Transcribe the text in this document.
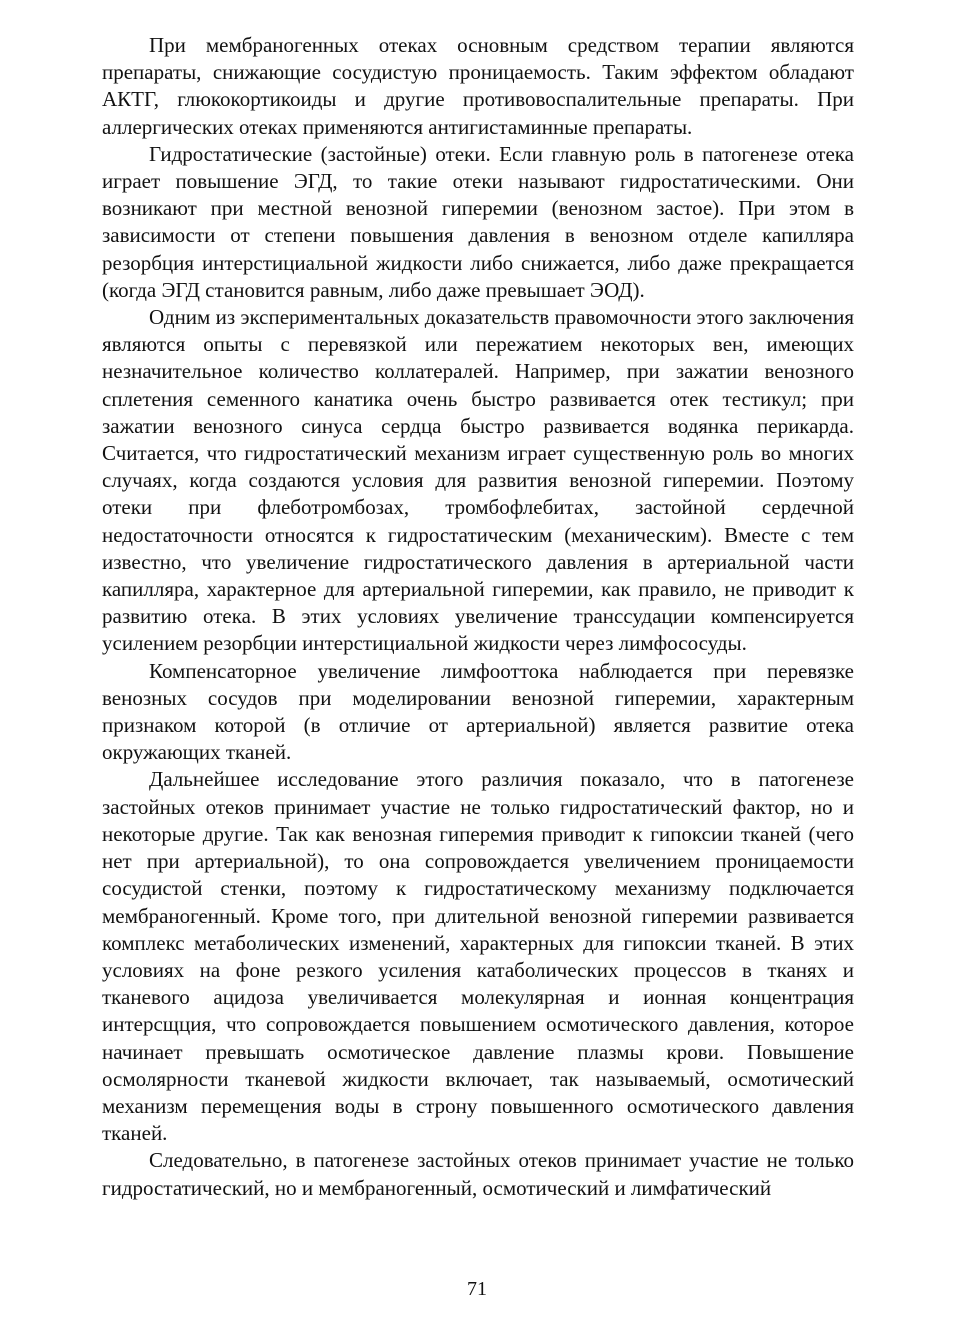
При мембраногенных отеках основным средством терапии являются препараты, снижающие сосудистую проницаемость. Таким эффектом обладают АКТГ, глюкокортикоиды и другие противовоспалительные препараты. При аллергических отеках применяются антигистаминные препараты.

Гидростатические (застойные) отеки. Если главную роль в патогенезе отека играет повышение ЭГД, то такие отеки называют гидростатическими. Они возникают при местной венозной гиперемии (венозном застое). При этом в зависимости от степени повышения давления в венозном отделе капилляра резорбция интерстициальной жидкости либо снижается, либо даже прекращается (когда ЭГД становится равным, либо даже превышает ЭОД).

Одним из экспериментальных доказательств правомочности этого заключения являются опыты с перевязкой или пережатием некоторых вен, имеющих незначительное количество коллатералей. Например, при зажатии венозного сплетения семенного канатика очень быстро развивается отек тестикул; при зажатии венозного синуса сердца быстро развивается водянка перикарда. Считается, что гидростатический механизм играет существенную роль во многих случаях, когда создаются условия для развития венозной гиперемии. Поэтому отеки при флеботромбозах, тромбофлебитах, застойной сердечной недостаточности относятся к гидростатическим (механическим). Вместе с тем известно, что увеличение гидростатического давления в артериальной части капилляра, характерное для артериальной гиперемии, как правило, не приводит к развитию отека. В этих условиях увеличение транссудации компенсируется усилением резорбции интерстициальной жидкости через лимфососуды.

Компенсаторное увеличение лимфооттока наблюдается при перевязке венозных сосудов при моделировании венозной гиперемии, характерным признаком которой (в отличие от артериальной) является развитие отека окружающих тканей.

Дальнейшее исследование этого различия показало, что в патогенезе застойных отеков принимает участие не только гидростатический фактор, но и некоторые другие. Так как венозная гиперемия приводит к гипоксии тканей (чего нет при артериальной), то она сопровождается увеличением проницаемости сосудистой стенки, поэтому к гидростатическому механизму подключается мембраногенный. Кроме того, при длительной венозной гиперемии развивается комплекс метаболических изменений, характерных для гипоксии тканей. В этих условиях на фоне резкого усиления катаболических процессов в тканях и тканевого ацидоза увеличивается молекулярная и ионная концентрация интерсщция, что сопровождается повышением осмотического давления, которое начинает превышать осмотическое давление плазмы крови. Повышение осмолярности тканевой жидкости включает, так называемый, осмотический механизм перемещения воды в строну повышенного осмотического давления тканей.

Следовательно, в патогенезе застойных отеков принимает участие не только гидростатический, но и мембраногенный, осмотический и лимфатический

71
